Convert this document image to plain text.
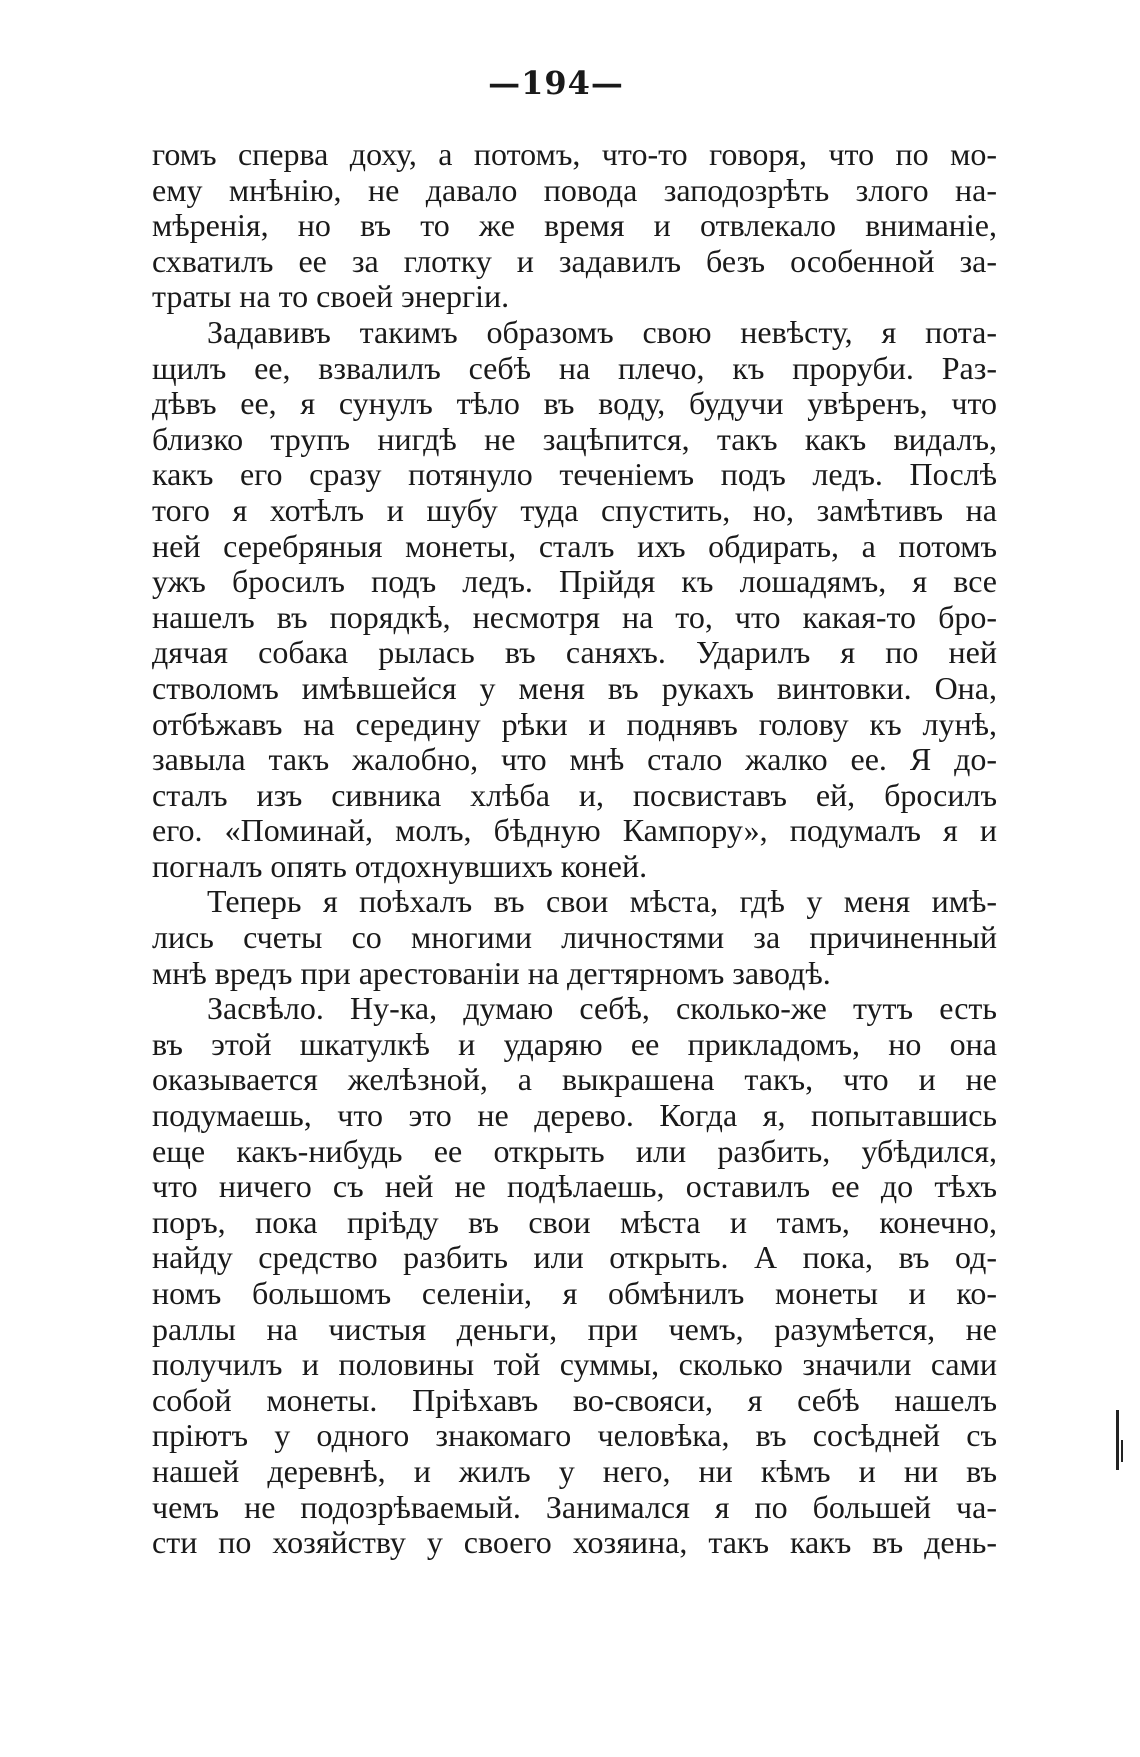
—194—
гомъ сперва доху, а потомъ, что-то говоря, что по мо-
ему мнѣнію, не давало повода заподозрѣть злого на-
мѣренія, но въ то же время и отвлекало вниманіе,
схватилъ ее за глотку и задавилъ безъ особенной за-
траты на то своей энергіи.
Задавивъ такимъ образомъ свою невѣсту, я пота-
щилъ ее, взвалилъ себѣ на плечо, къ проруби. Раз-
дѣвъ ее, я сунулъ тѣло въ воду, будучи увѣренъ, что
близко трупъ нигдѣ не зацѣпится, такъ какъ видалъ,
какъ его сразу потянуло теченіемъ подъ ледъ. Послѣ
того я хотѣлъ и шубу туда спустить, но, замѣтивъ на
ней серебряныя монеты, сталъ ихъ обдирать, а потомъ
ужъ бросилъ подъ ледъ. Прійдя къ лошадямъ, я все
нашелъ въ порядкѣ, несмотря на то, что какая-то бро-
дячая собака рылась въ саняхъ. Ударилъ я по ней
стволомъ имѣвшейся у меня въ рукахъ винтовки. Она,
отбѣжавъ на середину рѣки и поднявъ голову къ лунѣ,
завыла такъ жалобно, что мнѣ стало жалко ее. Я до-
сталъ изъ сивника хлѣба и, посвиставъ ей, бросилъ
его. «Поминай, молъ, бѣдную Кампору», подумалъ я и
погналъ опять отдохнувшихъ коней.
Теперь я поѣхалъ въ свои мѣста, гдѣ у меня имѣ-
лись счеты со многими личностями за причиненный
мнѣ вредъ при арестованіи на дегтярномъ заводѣ.
Засвѣло. Ну-ка, думаю себѣ, сколько-же тутъ есть
въ этой шкатулкѣ и ударяю ее прикладомъ, но она
оказывается желѣзной, а выкрашена такъ, что и не
подумаешь, что это не дерево. Когда я, попытавшись
еще какъ-нибудь ее открыть или разбить, убѣдился,
что ничего съ ней не подѣлаешь, оставилъ ее до тѣхъ
поръ, пока пріѣду въ свои мѣста и тамъ, конечно,
найду средство разбить или открыть. А пока, въ од-
номъ большомъ селеніи, я обмѣнилъ монеты и ко-
раллы на чистыя деньги, при чемъ, разумѣется, не
получилъ и половины той суммы, сколько значили сами
собой монеты. Пріѣхавъ во-свояси, я себѣ нашелъ
пріютъ у одного знакомаго человѣка, въ сосѣдней съ
нашей деревнѣ, и жилъ у него, ни кѣмъ и ни въ
чемъ не подозрѣваемый. Занимался я по большей ча-
сти по хозяйству у своего хозяина, такъ какъ въ день-
